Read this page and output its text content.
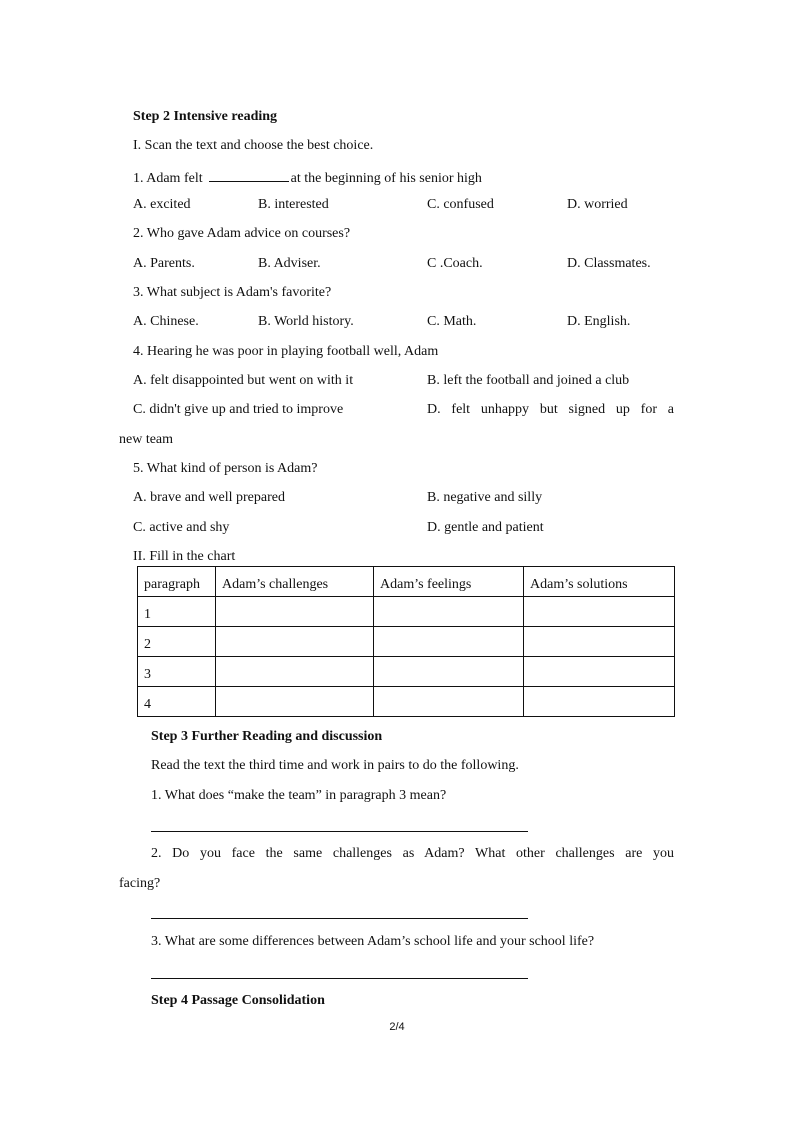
Step 2 Intensive reading
I. Scan the text and choose the best choice.
1. Adam felt	at the beginning of his senior high
A. excited	B. interested	C. confused	D. worried
2. Who gave Adam advice on courses?
A. Parents.	B. Adviser.	C .Coach.	D. Classmates.
3. What subject is Adam's favorite?
A. Chinese.	B. World history.	C. Math.	D. English.
4. Hearing he was poor in playing football well, Adam
A. felt disappointed but went on with it	B. left the football and joined a club
C. didn't give up and tried to improve	D. felt unhappy but signed up for a
new team
5. What kind of person is Adam?
A. brave and well prepared	B. negative and silly
C. active and shy	D. gentle and patient
II. Fill in the chart
paragraph	Adam’s challenges	Adam’s feelings	Adam’s solutions
1			
2			
3			
4			
Step 3 Further Reading and discussion
Read the text the third time and work in pairs to do the following.
1. What does “make the team” in paragraph 3 mean?
2. Do you face the same challenges as Adam? What other challenges are you
facing?
3. What are some differences between Adam’s school life and your school life?
Step 4 Passage Consolidation
2/4
